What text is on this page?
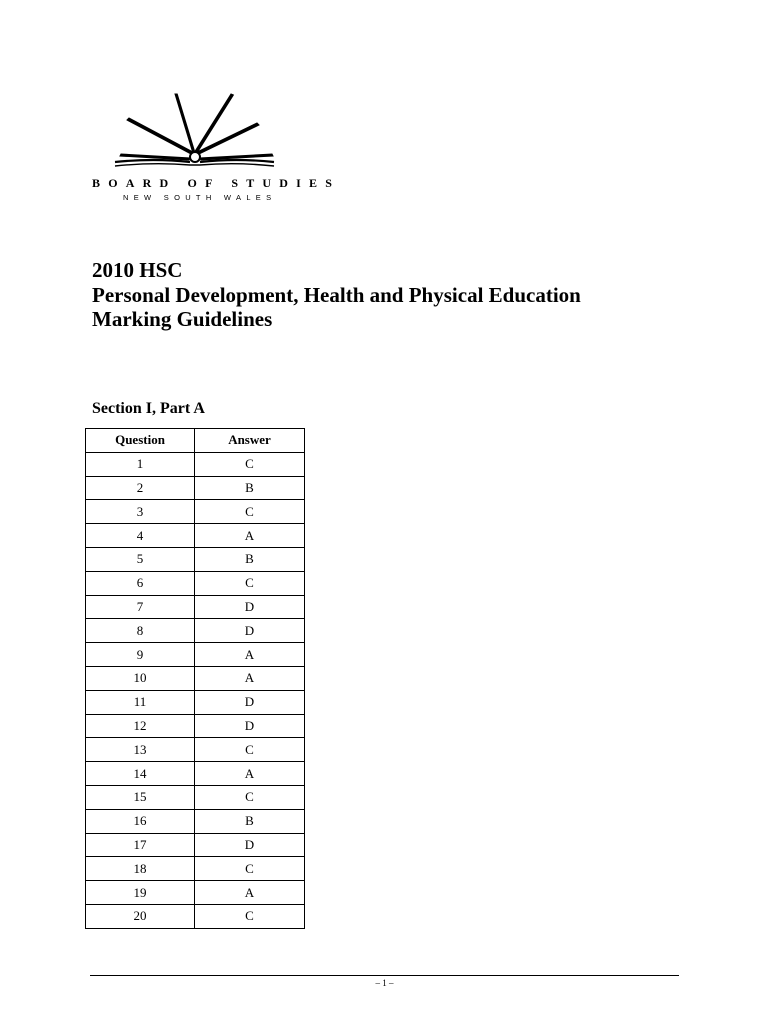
BOARD OF STUDIES
NEW SOUTH WALES
2010 HSC
Personal Development, Health and Physical Education
Marking Guidelines
Section I, Part A
Question	Answer
1	C
2	B
3	C
4	A
5	B
6	C
7	D
8	D
9	A
10	A
11	D
12	D
13	C
14	A
15	C
16	B
17	D
18	C
19	A
20	C
– 1 –
